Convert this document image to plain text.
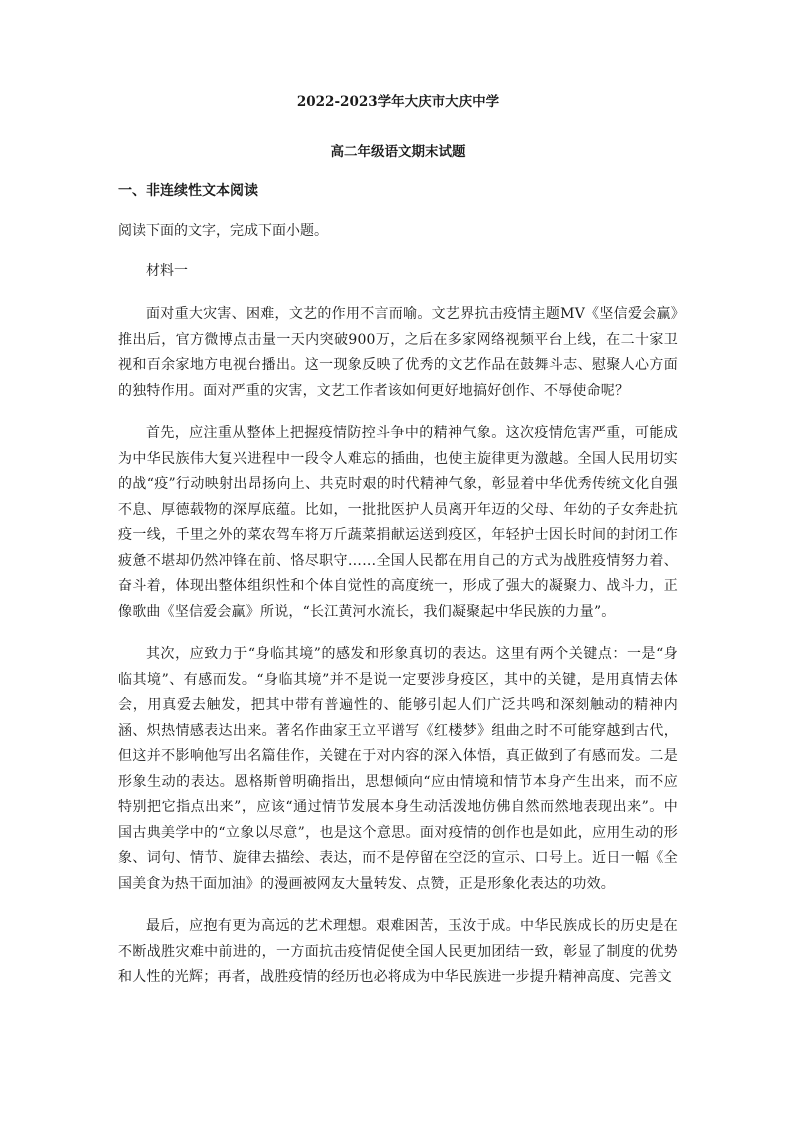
2022-2023学年大庆市大庆中学

高二年级语文期末试题

一、非连续性文本阅读

阅读下面的文字，完成下面小题。

材料一

面对重大灾害、困难，文艺的作用不言而喻。文艺界抗击疫情主题MV《坚信爱会赢》推出后，官方微博点击量一天内突破900万，之后在多家网络视频平台上线，在二十家卫视和百余家地方电视台播出。这一现象反映了优秀的文艺作品在鼓舞斗志、慰聚人心方面的独特作用。面对严重的灾害，文艺工作者该如何更好地搞好创作、不辱使命呢？

首先，应注重从整体上把握疫情防控斗争中的精神气象。这次疫情危害严重，可能成为中华民族伟大复兴进程中一段令人难忘的插曲，也使主旋律更为激越。全国人民用切实的战“疫”行动映射出昂扬向上、共克时艰的时代精神气象，彰显着中华优秀传统文化自强不息、厚德载物的深厚底蕴。比如，一批批医护人员离开年迈的父母、年幼的子女奔赴抗疫一线，千里之外的菜农驾车将万斤蔬菜捐献运送到疫区，年轻护士因长时间的封闭工作疲惫不堪却仍然冲锋在前、恪尽职守……全国人民都在用自己的方式为战胜疫情努力着、奋斗着，体现出整体组织性和个体自觉性的高度统一，形成了强大的凝聚力、战斗力，正像歌曲《坚信爱会赢》所说，“长江黄河水流长，我们凝聚起中华民族的力量”。

其次，应致力于“身临其境”的感发和形象真切的表达。这里有两个关键点：一是“身临其境”、有感而发。“身临其境”并不是说一定要涉身疫区，其中的关键，是用真情去体会，用真爱去触发，把其中带有普遍性的、能够引起人们广泛共鸣和深刻触动的精神内涵、炽热情感表达出来。著名作曲家王立平谱写《红楼梦》组曲之时不可能穿越到古代，但这并不影响他写出名篇佳作，关键在于对内容的深入体悟，真正做到了有感而发。二是形象生动的表达。恩格斯曾明确指出，思想倾向“应由情境和情节本身产生出来，而不应特别把它指点出来”，应该“通过情节发展本身生动活泼地仿佛自然而然地表现出来”。中国古典美学中的“立象以尽意”，也是这个意思。面对疫情的创作也是如此，应用生动的形象、词句、情节、旋律去描绘、表达，而不是停留在空泛的宣示、口号上。近日一幅《全国美食为热干面加油》的漫画被网友大量转发、点赞，正是形象化表达的功效。

最后，应抱有更为高远的艺术理想。艰难困苦，玉汝于成。中华民族成长的历史是在不断战胜灾难中前进的，一方面抗击疫情促使全国人民更加团结一致，彰显了制度的优势和人性的光辉；再者，战胜疫情的经历也必将成为中华民族进一步提升精神高度、完善文
